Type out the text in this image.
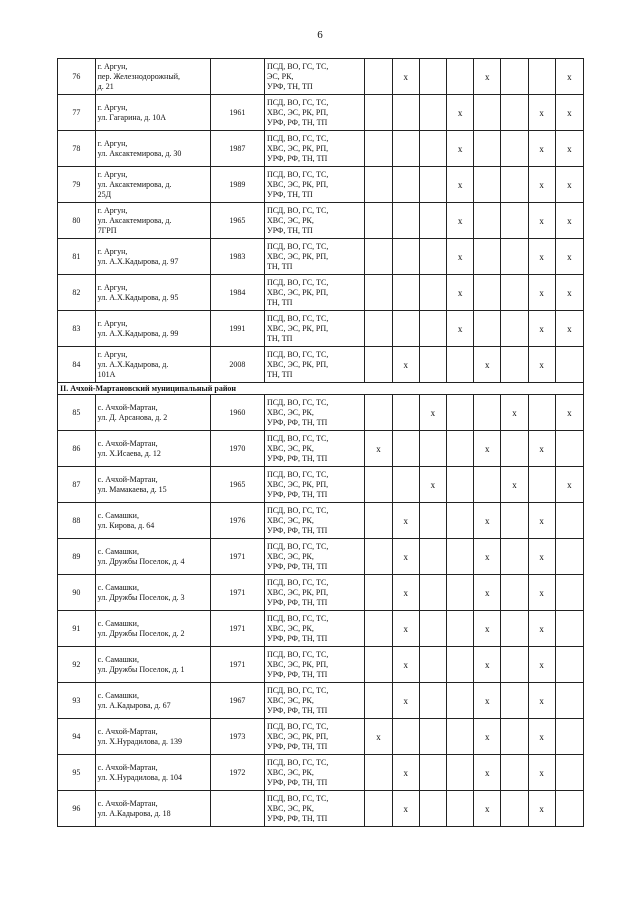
6
76	г. Аргун,
пер. Железнодорожный,
д. 21		ПСД, ВО, ГС, ТС,
ЭС, РК,
УРФ, ТН, ТП		x			x			x
77	г. Аргун,
ул. Гагарина, д. 10А	1961	ПСД, ВО, ГС, ТС,
ХВС, ЭС, РК, РП,
УРФ, РФ, ТН, ТП				x			x	x
78	г. Аргун,
ул. Аксактемирова, д. 30	1987	ПСД, ВО, ГС, ТС,
ХВС, ЭС, РК, РП,
УРФ, РФ, ТН, ТП				x			x	x
79	г. Аргун,
ул. Аксактемирова, д.
25Д	1989	ПСД, ВО, ГС, ТС,
ХВС, ЭС, РК, РП,
УРФ, ТН, ТП				x			x	x
80	г. Аргун,
ул. Аксактемирова, д.
7ГРП	1965	ПСД, ВО, ГС, ТС,
ХВС, ЭС, РК,
УРФ, ТН, ТП				x			x	x
81	г. Аргун,
ул. А.Х.Кадырова, д. 97	1983	ПСД, ВО, ГС, ТС,
ХВС, ЭС, РК, РП,
ТН, ТП				x			x	x
82	г. Аргун,
ул. А.Х.Кадырова, д. 95	1984	ПСД, ВО, ГС, ТС,
ХВС, ЭС, РК, РП,
ТН, ТП				x			x	x
83	г. Аргун,
ул. А.Х.Кадырова, д. 99	1991	ПСД, ВО, ГС, ТС,
ХВС, ЭС, РК, РП,
ТН, ТП				x			x	x
84	г. Аргун,
ул. А.Х.Кадырова, д.
101А	2008	ПСД, ВО, ГС, ТС,
ХВС, ЭС, РК, РП,
ТН, ТП		x			x		x	
II. Ачхой-Мартановский муниципальный район											
85	с. Ачхой-Мартан,
ул. Д. Арсанова, д. 2	1960	ПСД, ВО, ГС, ТС,
ХВС, ЭС, РК,
УРФ, РФ, ТН, ТП			x			x		x
86	с. Ачхой-Мартан,
ул. Х.Исаева, д. 12	1970	ПСД, ВО, ГС, ТС,
ХВС, ЭС, РК,
УРФ, РФ, ТН, ТП	x				x		x	
87	с. Ачхой-Мартан,
ул. Мамакаева, д. 15	1965	ПСД, ВО, ГС, ТС,
ХВС, ЭС, РК, РП,
УРФ, РФ, ТН, ТП			x			x		x
88	с. Самашки,
ул. Кирова, д. 64	1976	ПСД, ВО, ГС, ТС,
ХВС, ЭС, РК,
УРФ, РФ, ТН, ТП		x			x		x	
89	с. Самашки,
ул. Дружбы Поселок, д. 4	1971	ПСД, ВО, ГС, ТС,
ХВС, ЭС, РК,
УРФ, РФ, ТН, ТП		x			x		x	
90	с. Самашки,
ул. Дружбы Поселок, д. 3	1971	ПСД, ВО, ГС, ТС,
ХВС, ЭС, РК, РП,
УРФ, РФ, ТН, ТП		x			x		x	
91	с. Самашки,
ул. Дружбы Поселок, д. 2	1971	ПСД, ВО, ГС, ТС,
ХВС, ЭС, РК,
УРФ, РФ, ТН, ТП		x			x		x	
92	с. Самашки,
ул. Дружбы Поселок, д. 1	1971	ПСД, ВО, ГС, ТС,
ХВС, ЭС, РК, РП,
УРФ, РФ, ТН, ТП		x			x		x	
93	с. Самашки,
ул. А.Кадырова, д. 67	1967	ПСД, ВО, ГС, ТС,
ХВС, ЭС, РК,
УРФ, РФ, ТН, ТП		x			x		x	
94	с. Ачхой-Мартан,
ул. Х.Нурадилова, д. 139	1973	ПСД, ВО, ГС, ТС,
ХВС, ЭС, РК, РП,
УРФ, РФ, ТН, ТП	x				x		x	
95	с. Ачхой-Мартан,
ул. Х.Нурадилова, д. 104	1972	ПСД, ВО, ГС, ТС,
ХВС, ЭС, РК,
УРФ, РФ, ТН, ТП		x			x		x	
96	с. Ачхой-Мартан,
ул. А.Кадырова, д. 18		ПСД, ВО, ГС, ТС,
ХВС, ЭС, РК,
УРФ, РФ, ТН, ТП		x			x		x	
